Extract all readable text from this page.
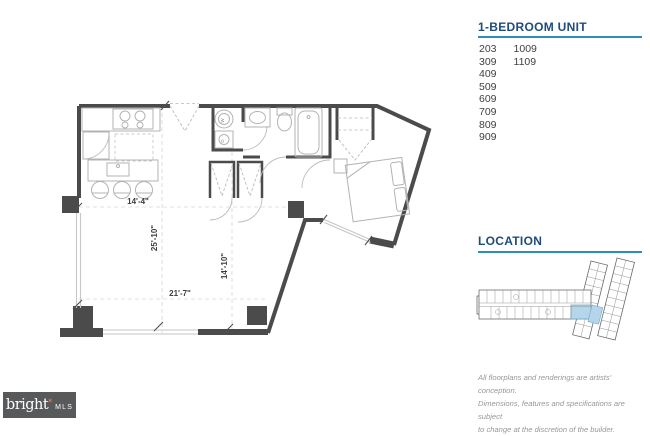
W
D
14'-4"
25'-10"
14'-10"
21'-7"
1-BEDROOM UNIT
203
309
409
509
609
709
809
909
1009
1109
LOCATION
All floorplans and renderings are artists' conception.
Dimensions, features and specifications are subject
to change at the discretion of the builder.
bright ✶
MLS
